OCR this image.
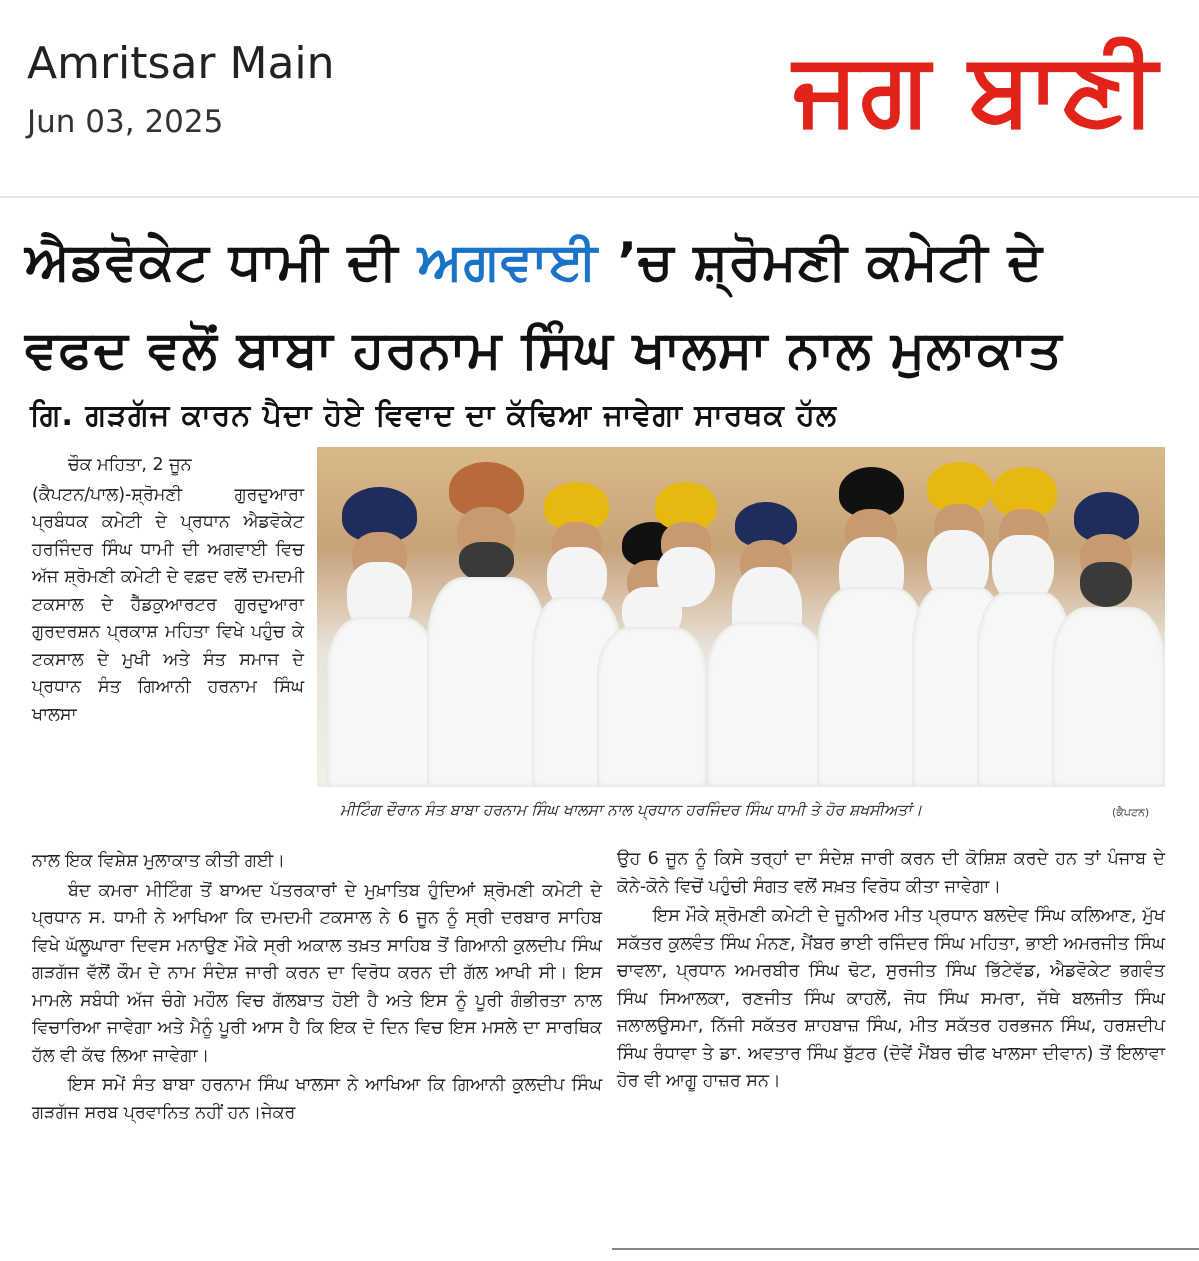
Amritsar Main
Jun 03, 2025	ਜਗ ਬਾਣੀ
ਐਡਵੋਕੇਟ ਧਾਮੀ ਦੀ ਅਗਵਾਈ ’ਚ ਸ਼੍ਰੋਮਣੀ ਕਮੇਟੀ ਦੇ
ਵਫਦ ਵਲੋਂ ਬਾਬਾ ਹਰਨਾਮ ਸਿੰਘ ਖਾਲਸਾ ਨਾਲ ਮੁਲਾਕਾਤ
ਗਿ. ਗੜਗੱਜ ਕਾਰਨ ਪੈਦਾ ਹੋਏ ਵਿਵਾਦ ਦਾ ਕੱਢਿਆ ਜਾਵੇਗਾ ਸਾਰਥਕ ਹੱਲ

ਚੌਕ ਮਹਿਤਾ, 2 ਜੂਨ

(ਕੈਪਟਨ/ਪਾਲ)-ਸ਼੍ਰੋਮਣੀ ਗੁਰਦੁਆਰਾ ਪ੍ਰਬੰਧਕ ਕਮੇਟੀ ਦੇ ਪ੍ਰਧਾਨ ਐਡਵੋਕੇਟ ਹਰਜਿੰਦਰ ਸਿੰਘ ਧਾਮੀ ਦੀ ਅਗਵਾਈ ਵਿਚ ਅੱਜ ਸ਼੍ਰੋਮਣੀ ਕਮੇਟੀ ਦੇ ਵਫ਼ਦ ਵਲੋਂ ਦਮਦਮੀ ਟਕਸਾਲ ਦੇ ਹੈੱਡਕੁਆਰਟਰ ਗੁਰਦੁਆਰਾ ਗੁਰਦਰਸ਼ਨ ਪ੍ਰਕਾਸ਼ ਮਹਿਤਾ ਵਿਖੇ ਪਹੁੰਚ ਕੇ ਟਕਸਾਲ ਦੇ ਮੁਖੀ ਅਤੇ ਸੰਤ ਸਮਾਜ ਦੇ ਪ੍ਰਧਾਨ ਸੰਤ ਗਿਆਨੀ ਹਰਨਾਮ ਸਿੰਘ ਖਾਲਸਾ

ਮੀਟਿੰਗ ਦੌਰਾਨ ਸੰਤ ਬਾਬਾ ਹਰਨਾਮ ਸਿੰਘ ਖਾਲਸਾ ਨਾਲ ਪ੍ਰਧਾਨ ਹਰਜਿੰਦਰ ਸਿੰਘ ਧਾਮੀ ਤੇ ਹੋਰ ਸ਼ਖਸੀਅਤਾਂ।	(ਕੈਪਟਨ)

ਨਾਲ ਇਕ ਵਿਸ਼ੇਸ਼ ਮੁਲਾਕਾਤ ਕੀਤੀ ਗਈ।

ਬੰਦ ਕਮਰਾ ਮੀਟਿੰਗ ਤੋਂ ਬਾਅਦ ਪੱਤਰਕਾਰਾਂ ਦੇ ਮੁਖ਼ਾਤਿਬ ਹੁੰਦਿਆਂ ਸ਼੍ਰੋਮਣੀ ਕਮੇਟੀ ਦੇ ਪ੍ਰਧਾਨ ਸ. ਧਾਮੀ ਨੇ ਆਖਿਆ ਕਿ ਦਮਦਮੀ ਟਕਸਾਲ ਨੇ 6 ਜੂਨ ਨੂੰ ਸ੍ਰੀ ਦਰਬਾਰ ਸਾਹਿਬ ਵਿਖੇ ਘੱਲੂਘਾਰਾ ਦਿਵਸ ਮਨਾਉਣ ਮੌਕੇ ਸ੍ਰੀ ਅਕਾਲ ਤਖ਼ਤ ਸਾਹਿਬ ਤੋਂ ਗਿਆਨੀ ਕੁਲਦੀਪ ਸਿੰਘ ਗੜਗੱਜ ਵੱਲੋਂ ਕੌਮ ਦੇ ਨਾਮ ਸੰਦੇਸ਼ ਜਾਰੀ ਕਰਨ ਦਾ ਵਿਰੋਧ ਕਰਨ ਦੀ ਗੱਲ ਆਖੀ ਸੀ। ਇਸ ਮਾਮਲੇ ਸਬੰਧੀ ਅੱਜ ਚੰਗੇ ਮਹੌਲ ਵਿਚ ਗੱਲਬਾਤ ਹੋਈ ਹੈ ਅਤੇ ਇਸ ਨੂੰ ਪੂਰੀ ਗੰਭੀਰਤਾ ਨਾਲ ਵਿਚਾਰਿਆ ਜਾਵੇਗਾ ਅਤੇ ਮੈਨੂੰ ਪੂਰੀ ਆਸ ਹੈ ਕਿ ਇਕ ਦੋ ਦਿਨ ਵਿਚ ਇਸ ਮਸਲੇ ਦਾ ਸਾਰਥਿਕ ਹੱਲ ਵੀ ਕੱਢ ਲਿਆ ਜਾਵੇਗਾ।

ਇਸ ਸਮੇਂ ਸੰਤ ਬਾਬਾ ਹਰਨਾਮ ਸਿੰਘ ਖਾਲਸਾ ਨੇ ਆਖਿਆ ਕਿ ਗਿਆਨੀ ਕੁਲਦੀਪ ਸਿੰਘ ਗੜਗੱਜ ਸਰਬ ਪ੍ਰਵਾਨਿਤ ਨਹੀਂ ਹਨ।ਜੇਕਰ

ਉਹ 6 ਜੂਨ ਨੂੰ ਕਿਸੇ ਤਰ੍ਹਾਂ ਦਾ ਸੰਦੇਸ਼ ਜਾਰੀ ਕਰਨ ਦੀ ਕੋਸ਼ਿਸ਼ ਕਰਦੇ ਹਨ ਤਾਂ ਪੰਜਾਬ ਦੇ ਕੋਨੇ-ਕੋਨੇ ਵਿਚੋਂ ਪਹੁੰਚੀ ਸੰਗਤ ਵਲੋਂ ਸਖ਼ਤ ਵਿਰੋਧ ਕੀਤਾ ਜਾਵੇਗਾ।

ਇਸ ਮੌਕੇ ਸ਼੍ਰੋਮਣੀ ਕਮੇਟੀ ਦੇ ਜੂਨੀਅਰ ਮੀਤ ਪ੍ਰਧਾਨ ਬਲਦੇਵ ਸਿੰਘ ਕਲਿਆਣ, ਮੁੱਖ ਸਕੱਤਰ ਕੁਲਵੰਤ ਸਿੰਘ ਮੰਨਣ, ਮੈਂਬਰ ਭਾਈ ਰਜਿੰਦਰ ਸਿੰਘ ਮਹਿਤਾ, ਭਾਈ ਅਮਰਜੀਤ ਸਿੰਘ ਚਾਵਲਾ, ਪ੍ਰਧਾਨ ਅਮਰਬੀਰ ਸਿੰਘ ਢੋਟ, ਸੁਰਜੀਤ ਸਿੰਘ ਭਿੱਟੇਵੱਡ, ਐਡਵੋਕੇਟ ਭਗਵੰਤ ਸਿੰਘ ਸਿਆਲਕਾ, ਰਣਜੀਤ ਸਿੰਘ ਕਾਹਲੋਂ, ਜੋਧ ਸਿੰਘ ਸਮਰਾ, ਜੱਥੇ ਬਲਜੀਤ ਸਿੰਘ ਜਲਾਲਉਸਮਾ, ਨਿੱਜੀ ਸਕੱਤਰ ਸ਼ਾਹਬਾਜ਼ ਸਿੰਘ, ਮੀਤ ਸਕੱਤਰ ਹਰਭਜਨ ਸਿੰਘ, ਹਰਸ਼ਦੀਪ ਸਿੰਘ ਰੰਧਾਵਾ ਤੇ ਡਾ. ਅਵਤਾਰ ਸਿੰਘ ਬੁੱਟਰ (ਦੋਵੇਂ ਮੈਂਬਰ ਚੀਫ ਖਾਲਸਾ ਦੀਵਾਨ) ਤੋਂ ਇਲਾਵਾ ਹੋਰ ਵੀ ਆਗੂ ਹਾਜ਼ਰ ਸਨ।
